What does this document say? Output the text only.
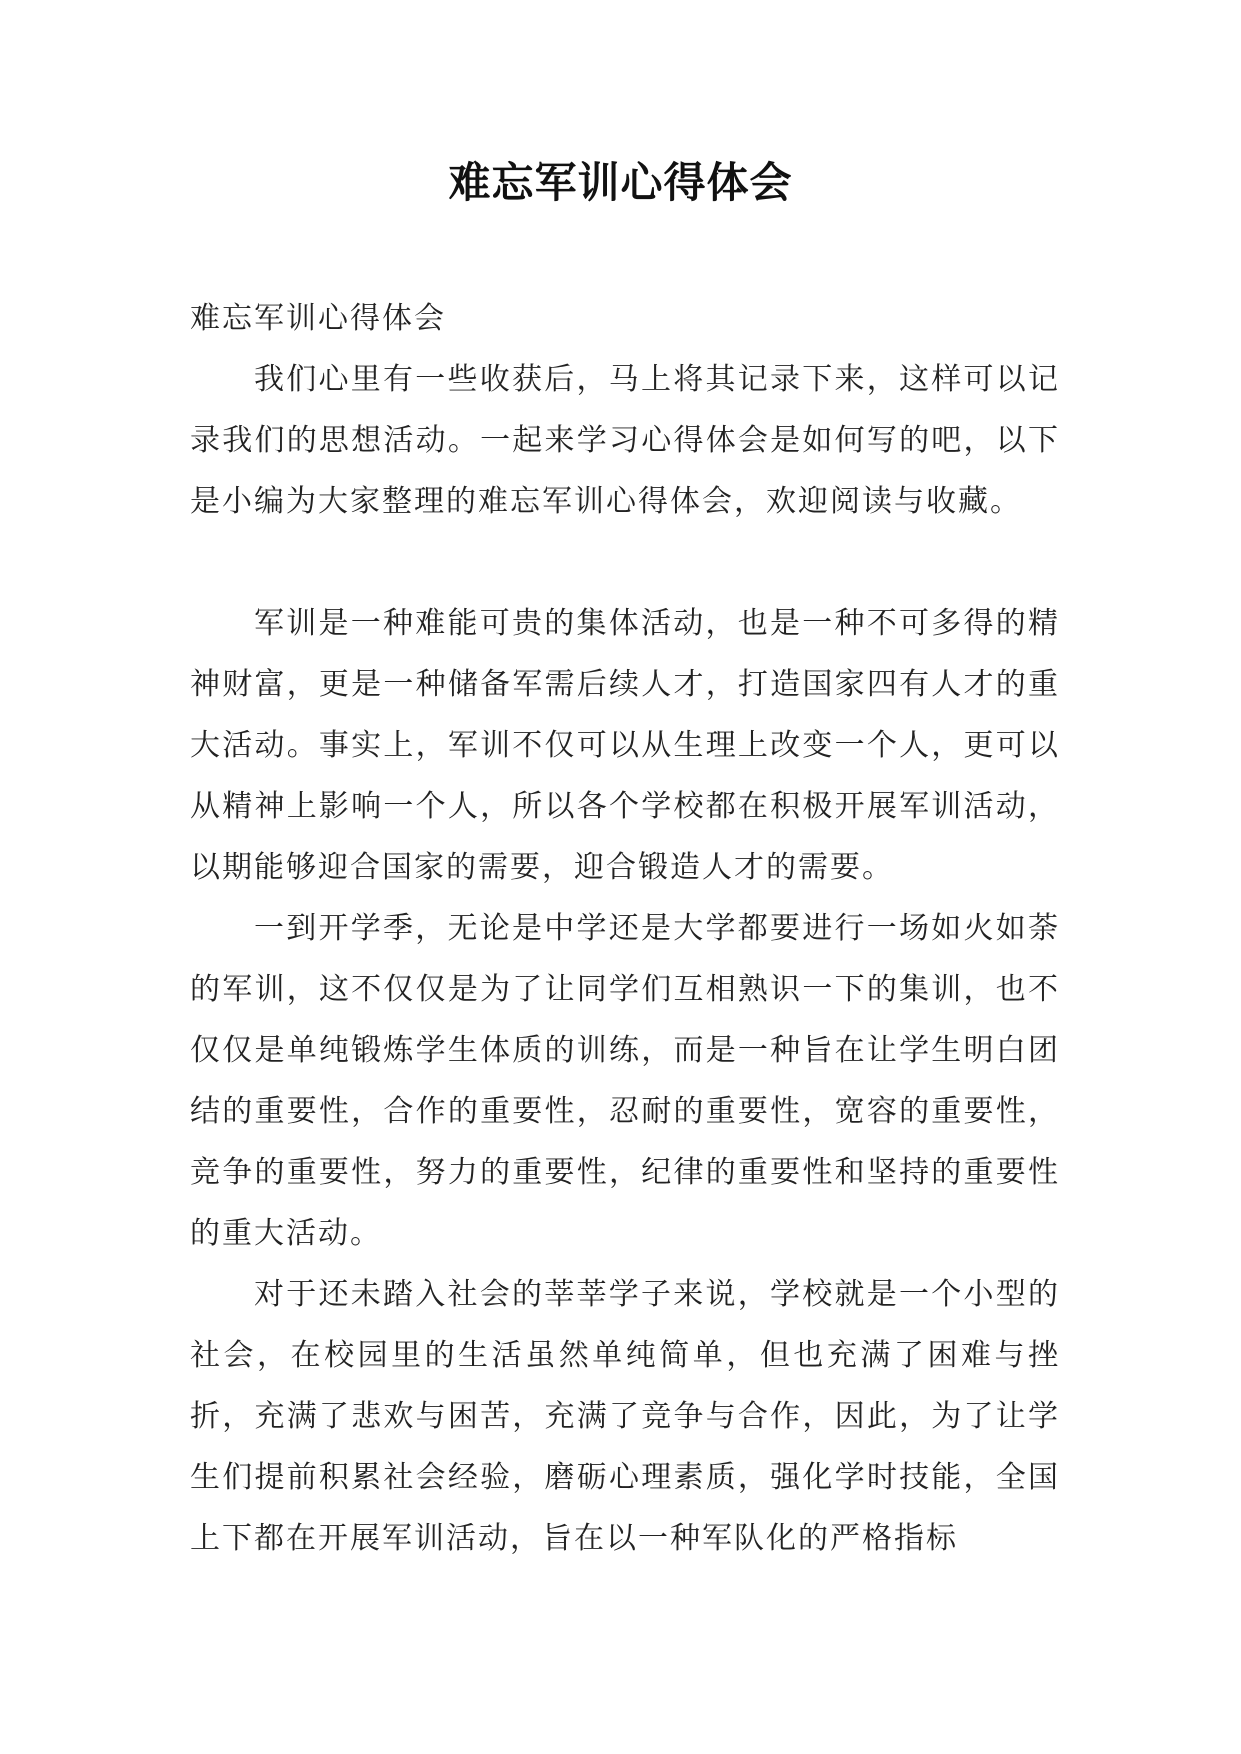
难忘军训心得体会

难忘军训心得体会

我们心里有一些收获后，马上将其记录下来，这样可以记录我们的思想活动。一起来学习心得体会是如何写的吧，以下是小编为大家整理的难忘军训心得体会，欢迎阅读与收藏。

军训是一种难能可贵的集体活动，也是一种不可多得的精神财富，更是一种储备军需后续人才，打造国家四有人才的重大活动。事实上，军训不仅可以从生理上改变一个人，更可以从精神上影响一个人，所以各个学校都在积极开展军训活动，以期能够迎合国家的需要，迎合锻造人才的需要。

一到开学季，无论是中学还是大学都要进行一场如火如荼的军训，这不仅仅是为了让同学们互相熟识一下的集训，也不仅仅是单纯锻炼学生体质的训练，而是一种旨在让学生明白团结的重要性，合作的重要性，忍耐的重要性，宽容的重要性，竞争的重要性，努力的重要性，纪律的重要性和坚持的重要性的重大活动。

对于还未踏入社会的莘莘学子来说，学校就是一个小型的社会，在校园里的生活虽然单纯简单，但也充满了困难与挫折，充满了悲欢与困苦，充满了竞争与合作，因此，为了让学生们提前积累社会经验，磨砺心理素质，强化学时技能，全国上下都在开展军训活动，旨在以一种军队化的严格指标
